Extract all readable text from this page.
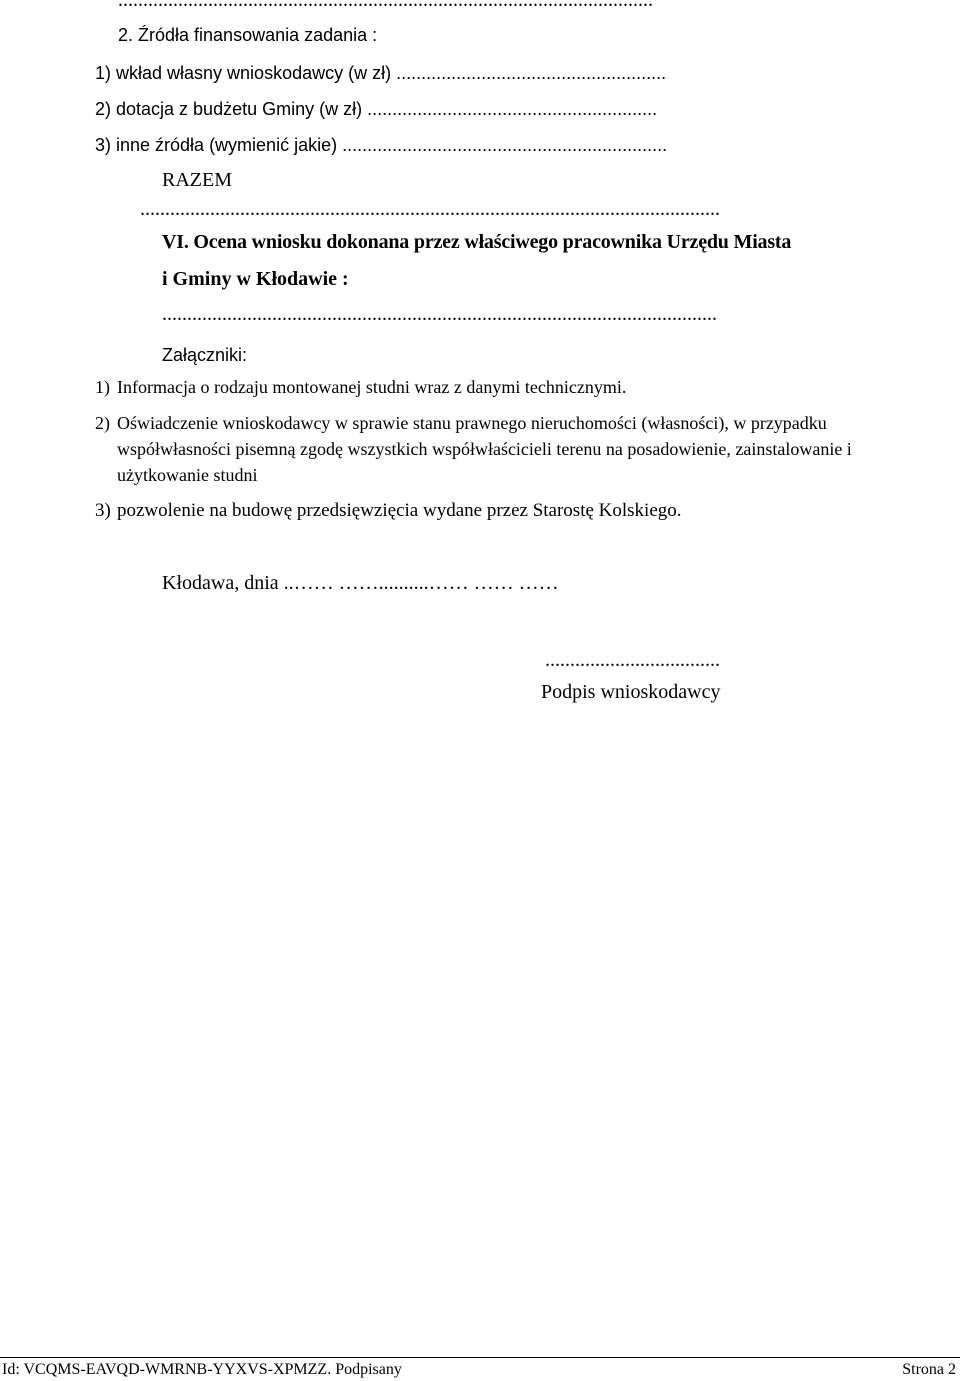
...........................................................................................................
2. Źródła finansowania zadania :
1) wkład własny wnioskodawcy (w zł) ......................................................
2) dotacja z budżetu Gminy (w zł) ..........................................................
3) inne źródła (wymienić jakie) .................................................................
RAZEM
....................................................................................................................
VI. Ocena wniosku dokonana przez właściwego pracownika Urzędu Miasta
i Gminy w Kłodawie :
...............................................................................................................
Załączniki:
1) Informacja o rodzaju montowanej studni wraz z danymi technicznymi.
2) Oświadczenie wnioskodawcy w sprawie stanu prawnego nieruchomości (własności), w przypadku współwłasności pisemną zgodę wszystkich współwłaścicieli terenu na posadowienie, zainstalowanie i użytkowanie studni
3) pozwolenie na budowę przedsięwzięcia wydane przez Starostę Kolskiego.
Kłodawa, dnia ..…… ……..........…… …… ……
...................................
Podpis wnioskodawcy
Id: VCQMS-EAVQD-WMRNB-YYXVS-XPMZZ. Podpisany	Strona 2
